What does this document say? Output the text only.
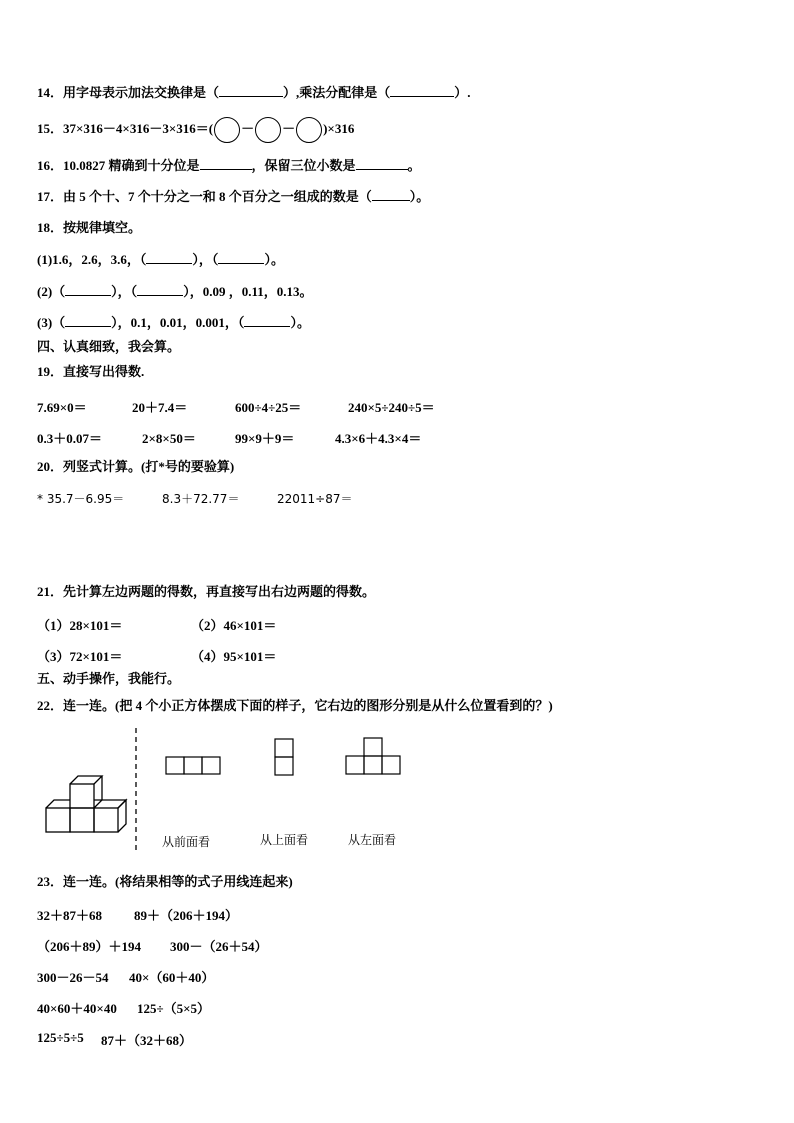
14．用字母表示加法交换律是（	）,乘法分配律是（	）.
15．37×316－4×316－3×316＝( － － )×316
16．10.0827 精确到十分位是	，保留三位小数是	。
17．由 5 个十、7 个十分之一和 8 个百分之一组成的数是（	）。
18．按规律填空。
(1)1.6，2.6，3.6，（	），（	）。
(2)（	），（	），0.09 ，0.11，0.13。
(3)（	），0.1，0.01，0.001，（	）。
四、认真细致，我会算。
19．直接写出得数.
7.69×0＝	20＋7.4＝	600÷4÷25＝	240×5÷240÷5＝
0.3＋0.07＝	2×8×50＝	99×9＋9＝	4.3×6＋4.3×4＝
20．列竖式计算。(打*号的要验算)
* 35.7－6.95＝	8.3＋72.77＝	22011÷87＝
21．先计算左边两题的得数，再直接写出右边两题的得数。
（1）28×101＝	（2）46×101＝
（3）72×101＝	（4）95×101＝
五、动手操作，我能行。
22．连一连。(把 4 个小正方体摆成下面的样子，它右边的图形分别是从什么位置看到的？)
从前面看	从上面看	从左面看
23．连一连。(将结果相等的式子用线连起来)
32＋87＋68 89＋（206＋194）
（206＋89）＋194 300－（26＋54）
300－26－54 40×（60＋40）
40×60＋40×40 125÷（5×5）
125÷5÷5 87＋（32＋68）
